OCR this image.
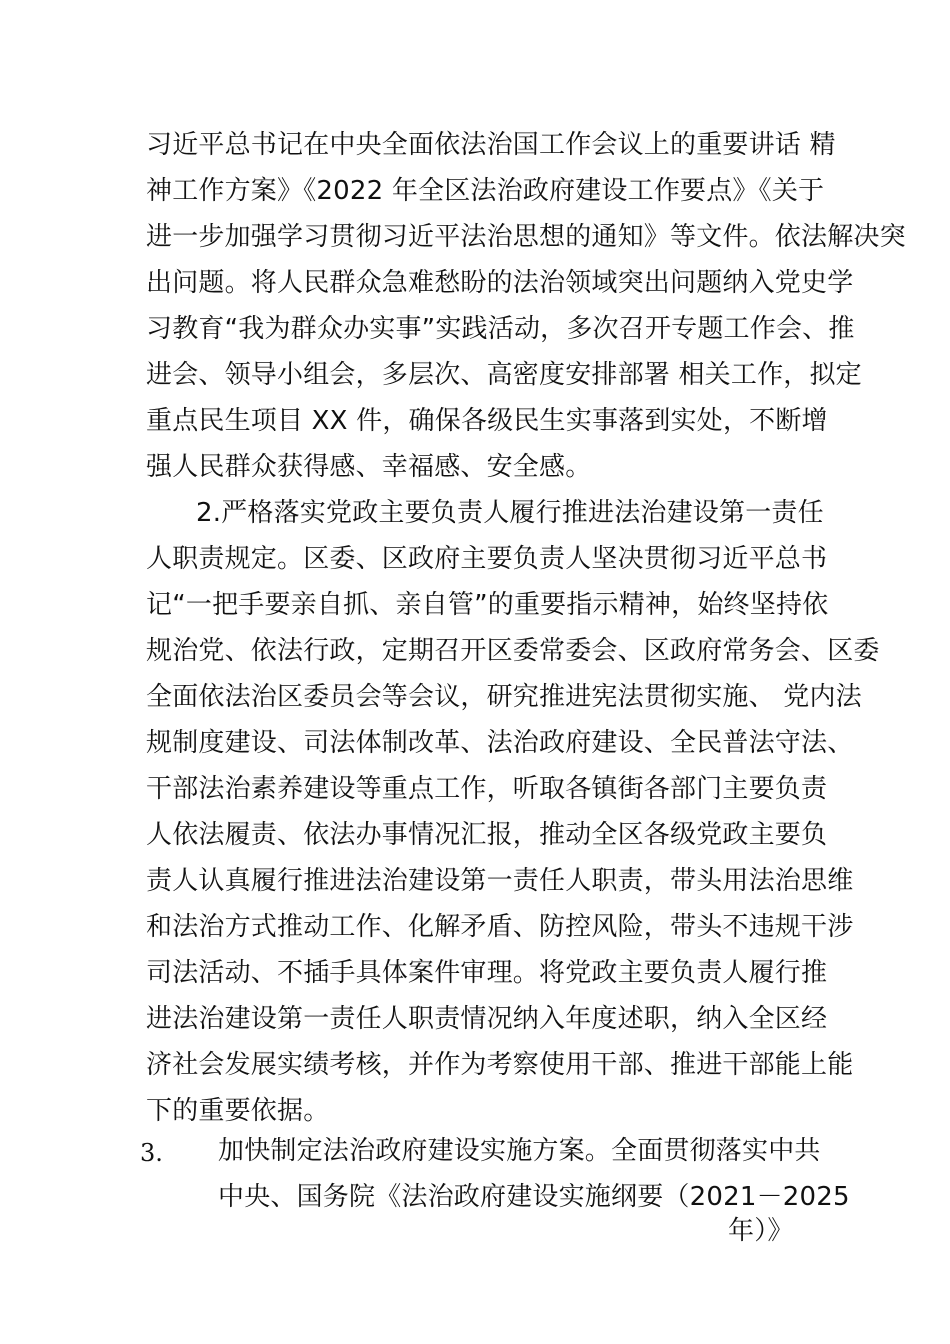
习近平总书记在中央全面依法治国工作会议上的重要讲话 精
神工作方案》《2022 年全区法治政府建设工作要点》《关于
进一步加强学习贯彻习近平法治思想的通知》等文件。依法解决突
出问题。将人民群众急难愁盼的法治领域突出问题纳入党史学
习教育“我为群众办实事”实践活动，多次召开专题工作会、推
进会、领导小组会，多层次、高密度安排部署 相关工作，拟定
重点民生项目 XX 件，确保各级民生实事落到实处，不断增
强人民群众获得感、幸福感、安全感。
2.严格落实党政主要负责人履行推进法治建设第一责任
人职责规定。区委、区政府主要负责人坚决贯彻习近平总书
记“一把手要亲自抓、亲自管”的重要指示精神，始终坚持依
规治党、依法行政，定期召开区委常委会、区政府常务会、区委
全面依法治区委员会等会议，研究推进宪法贯彻实施、 党内法
规制度建设、司法体制改革、法治政府建设、全民普法守法、
干部法治素养建设等重点工作，听取各镇街各部门主要负责
人依法履责、依法办事情况汇报，推动全区各级党政主要负
责人认真履行推进法治建设第一责任人职责，带头用法治思维
和法治方式推动工作、化解矛盾、防控风险，带头不违规干涉
司法活动、不插手具体案件审理。将党政主要负责人履行推
进法治建设第一责任人职责情况纳入年度述职，纳入全区经
济社会发展实绩考核，并作为考察使用干部、推进干部能上能
下的重要依据。
3. 加快制定法治政府建设实施方案。全面贯彻落实中共
中央、国务院《法治政府建设实施纲要（2021－2025
年）》
